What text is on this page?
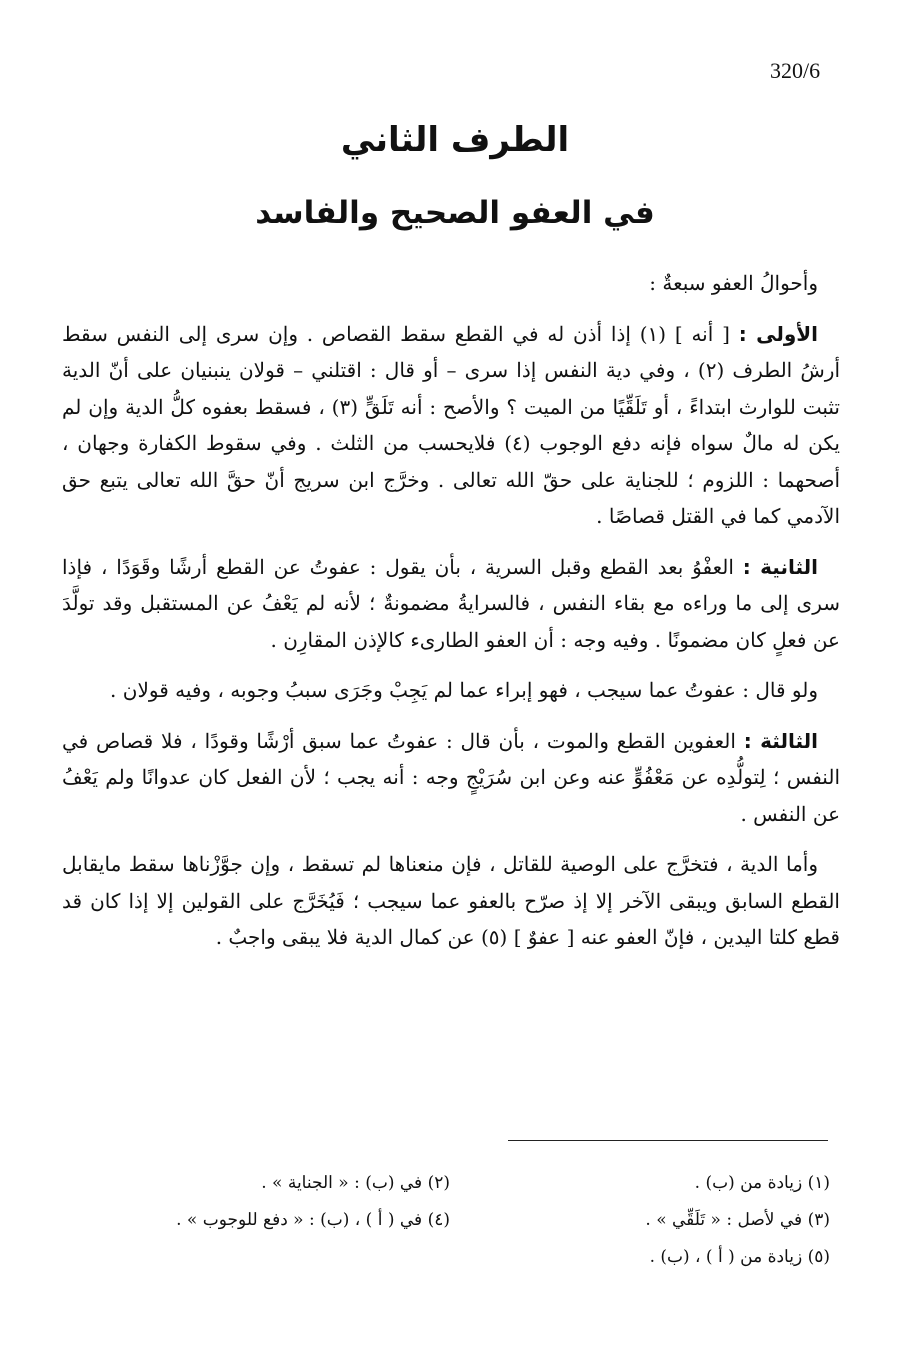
320/6
الطرف الثاني
في العفو الصحيح والفاسد

وأحوالُ العفو سبعةٌ :

الأولى : [ أنه ] (١) إذا أذن له في القطع سقط القصاص . وإن سرى إلى النفس سقط أرشُ الطرف (٢) ، وفي دية النفس إذا سرى – أو قال : اقتلني – قولان ينبنيان على أنّ الدية تثبت للوارث ابتداءً ، أو تَلَقِّيًا من الميت ؟ والأصح : أنه تَلَقٍّ (٣) ، فسقط بعفوه كلُّ الدية وإن لم يكن له مالٌ سواه فإنه دفع الوجوب (٤) فلايحسب من الثلث . وفي سقوط الكفارة وجهان ، أصحهما : اللزوم ؛ للجناية على حقّ الله تعالى . وخرَّج ابن سريج أنّ حقَّ الله تعالى يتبع حق الآدمي كما في القتل قصاصًا .

الثانية : العفْوُ بعد القطع وقبل السرية ، بأن يقول : عفوتُ عن القطع أرشًا وقَوَدًا ، فإذا سرى إلى ما وراءه مع بقاء النفس ، فالسرايةُ مضمونةٌ ؛ لأنه لم يَعْفُ عن المستقبل وقد تولَّدَ عن فعلٍ كان مضمونًا . وفيه وجه : أن العفو الطارىء كالإذن المقارِن .

ولو قال : عفوتُ عما سيجب ، فهو إبراء عما لم يَجِبْ وجَرَى سببُ وجوبه ، وفيه قولان .

الثالثة : العفوين القطع والموت ، بأن قال : عفوتُ عما سبق أرْشًا وقودًا ، فلا قصاص في النفس ؛ لِتولُّدِه عن مَعْفُوٍّ عنه وعن ابن سُرَيْجٍ وجه : أنه يجب ؛ لأن الفعل كان عدوانًا ولم يَعْفُ عن النفس .

وأما الدية ، فتخرَّج على الوصية للقاتل ، فإن منعناها لم تسقط ، وإن جوَّزْناها سقط مايقابل القطع السابق ويبقى الآخر إلا إذ صرّح بالعفو عما سيجب ؛ فَيُخَرَّج على القولين إلا إذا كان قد قطع كلتا اليدين ، فإنّ العفو عنه [ عفوٌ ] (٥) عن كمال الدية فلا يبقى واجبٌ .

(١) زيادة من (ب) .
(٢) في (ب) : « الجناية » .
(٣) في لأصل : « تَلَقِّي » .
(٤) في ( أ ) ، (ب) : « دفع للوجوب » .
(٥) زيادة من ( أ ) ، (ب) .
